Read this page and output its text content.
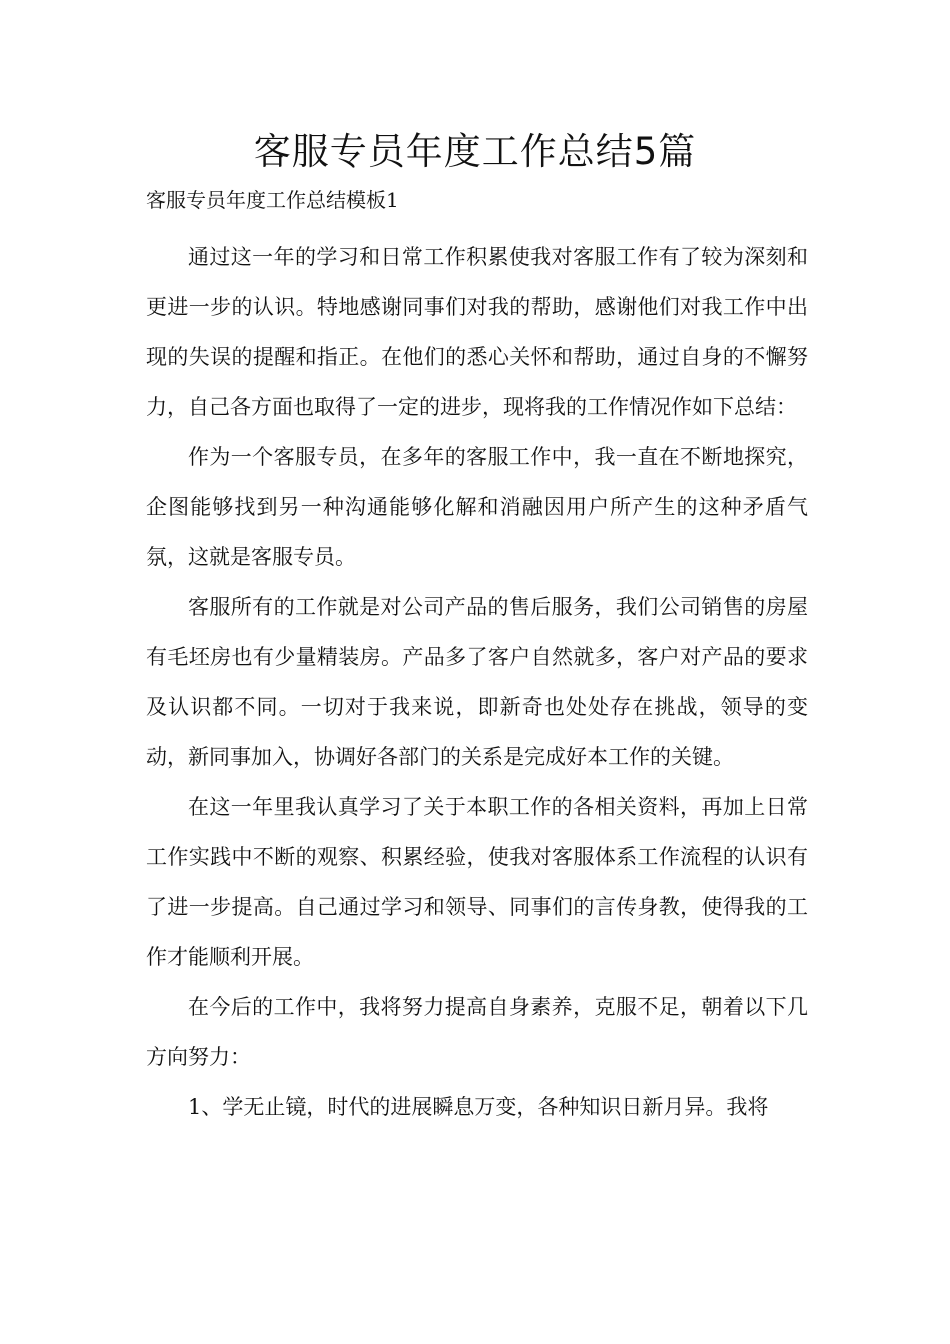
客服专员年度工作总结5篇

客服专员年度工作总结模板1

通过这一年的学习和日常工作积累使我对客服工作有了较为深刻和更进一步的认识。特地感谢同事们对我的帮助，感谢他们对我工作中出现的失误的提醒和指正。在他们的悉心关怀和帮助，通过自身的不懈努力，自己各方面也取得了一定的进步，现将我的工作情况作如下总结：

作为一个客服专员，在多年的客服工作中，我一直在不断地探究，企图能够找到另一种沟通能够化解和消融因用户所产生的这种矛盾气氛，这就是客服专员。

客服所有的工作就是对公司产品的售后服务，我们公司销售的房屋有毛坯房也有少量精装房。产品多了客户自然就多，客户对产品的要求及认识都不同。一切对于我来说，即新奇也处处存在挑战，领导的变动，新同事加入，协调好各部门的关系是完成好本工作的关键。

在这一年里我认真学习了关于本职工作的各相关资料，再加上日常工作实践中不断的观察、积累经验，使我对客服体系工作流程的认识有了进一步提高。自己通过学习和领导、同事们的言传身教，使得我的工作才能顺利开展。

在今后的工作中，我将努力提高自身素养，克服不足，朝着以下几方向努力：

1、学无止镜，时代的进展瞬息万变，各种知识日新月异。我将
